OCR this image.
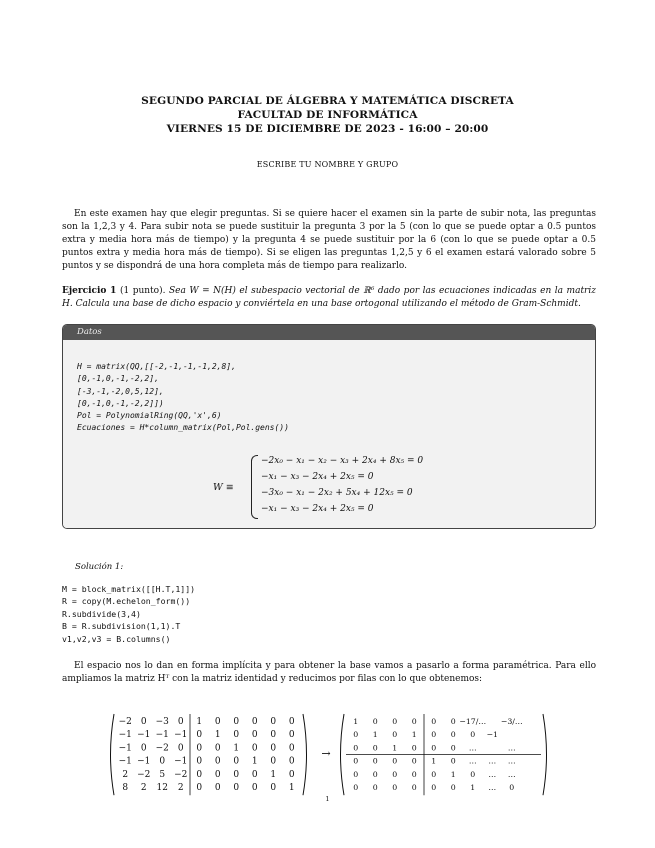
SEGUNDO PARCIAL DE ÁLGEBRA Y MATEMÁTICA DISCRETA
FACULTAD DE INFORMÁTICA
VIERNES 15 DE DICIEMBRE DE 2023 - 16:00 – 20:00
ESCRIBE TU NOMBRE Y GRUPO
En este examen hay que elegir preguntas. Si se quiere hacer el examen sin la parte de subir nota, las preguntas son la 1,2,3 y 4. Para subir nota se puede sustituir la pregunta 3 por la 5 (con lo que se puede optar a 0.5 puntos extra y media hora más de tiempo) y la pregunta 4 se puede sustituir por la 6 (con lo que se puede optar a 0.5 puntos extra y media hora más de tiempo). Si se eligen las preguntas 1,2,5 y 6 el examen estará valorado sobre 5 puntos y se dispondrá de una hora completa más de tiempo para realizarlo.
Ejercicio 1 (1 punto). Sea W = N(H) el subespacio vectorial de ℝ⁶ dado por las ecuaciones indicadas en la matriz H. Calcula una base de dicho espacio y conviértela en una base ortogonal utilizando el método de Gram-Schmidt.
Datos

H = matrix(QQ,[[-2,-1,-1,-1,2,8],
[0,-1,0,-1,-2,2],
[-3,-1,-2,0,5,12],
[0,-1,0,-1,-2,2]])
Pol = PolynomialRing(QQ,'x',6)
Ecuaciones = H*column_matrix(Pol,Pol.gens())
W ≡
−2x₀ − x₁ − x₂ − x₃ + 2x₄ + 8x₅ = 0
−x₁ − x₃ − 2x₄ + 2x₅ = 0
−3x₀ − x₁ − 2x₂ + 5x₄ + 12x₅ = 0
−x₁ − x₃ − 2x₄ + 2x₅ = 0
Solución 1:
M = block_matrix([[H.T,1]])
R = copy(M.echelon_form())
R.subdivide(3,4)
B = R.subdivision(1,1).T
v1,v2,v3 = B.columns()
El espacio nos lo dan en forma implícita y para obtener la base vamos a pasarlo a forma paramétrica. Para ello ampliamos la matriz Hᵀ con la matriz identidad y reducimos por filas con lo que obtenemos:
−2 0 −3 0 1 0 0 0 0 0
−1 −1 −1 −1 0 1 0 0 0 0
−1 0 −2 0 0 0 1 0 0 0
−1 −1 0 −1 0 0 0 1 0 0
2 −2 5 −2 0 0 0 0 1 0
8 2 12 2 0 0 0 0 0 1
→
1 0 0 0 0 0 −17/… −3/…
0 1 0 1 0 0 0 −1
0 0 1 0 0 0 …	…
0 0 0 0 1 0 … … …
0 0 0 0 0 1 0 … …
0 0 0 0 0 0 1 … 0
1
